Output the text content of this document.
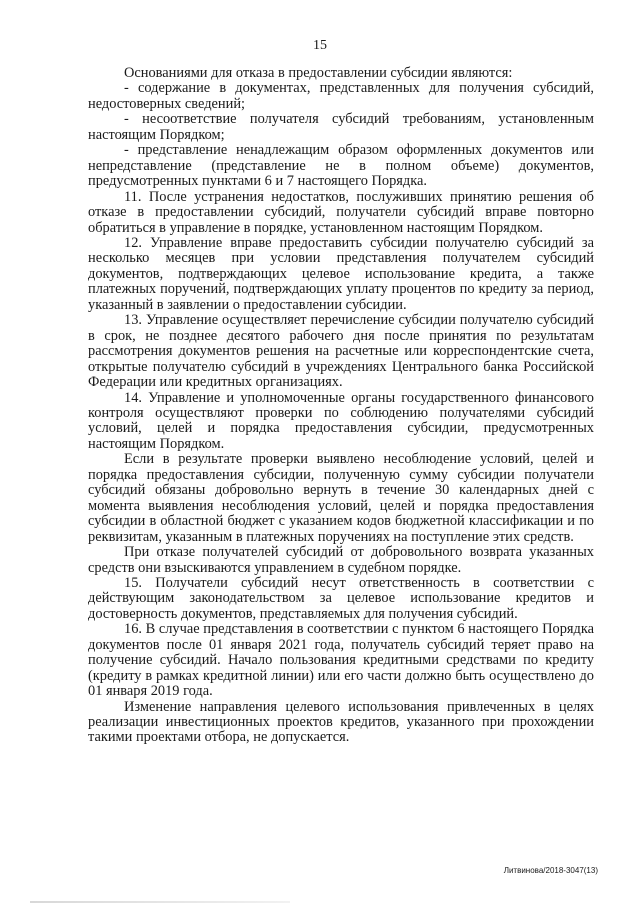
15

Основаниями для отказа в предоставлении субсидии являются:

- содержание в документах, представленных для получения субсидий, недостоверных сведений;

- несоответствие получателя субсидий требованиям, установленным настоящим Порядком;

- представление ненадлежащим образом оформленных документов или непредставление (представление не в полном объеме) документов, предусмотренных пунктами 6 и 7 настоящего Порядка.

11. После устранения недостатков, послуживших принятию решения об отказе в предоставлении субсидий, получатели субсидий вправе повторно обратиться в управление в порядке, установленном настоящим Порядком.

12. Управление вправе предоставить субсидии получателю субсидий за несколько месяцев при условии представления получателем субсидий документов, подтверждающих целевое использование кредита, а также платежных поручений, подтверждающих уплату процентов по кредиту за период, указанный в заявлении о предоставлении субсидии.

13. Управление осуществляет перечисление субсидии получателю субсидий в срок, не позднее десятого рабочего дня после принятия по результатам рассмотрения документов решения на расчетные или корреспондентские счета, открытые получателю субсидий в учреждениях Центрального банка Российской Федерации или кредитных организациях.

14. Управление и уполномоченные органы государственного финансового контроля осуществляют проверки по соблюдению получателями субсидий условий, целей и порядка предоставления субсидии, предусмотренных настоящим Порядком.

Если в результате проверки выявлено несоблюдение условий, целей и порядка предоставления субсидии, полученную сумму субсидии получатели субсидий обязаны добровольно вернуть в течение 30 календарных дней с момента выявления несоблюдения условий, целей и порядка предоставления субсидии в областной бюджет с указанием кодов бюджетной классификации и по реквизитам, указанным в платежных поручениях на поступление этих средств.

При отказе получателей субсидий от добровольного возврата указанных средств они взыскиваются управлением в судебном порядке.

15. Получатели субсидий несут ответственность в соответствии с действующим законодательством за целевое использование кредитов и достоверность документов, представляемых для получения субсидий.

16. В случае представления в соответствии с пунктом 6 настоящего Порядка документов после 01 января 2021 года, получатель субсидий теряет право на получение субсидий. Начало пользования кредитными средствами по кредиту (кредиту в рамках кредитной линии) или его части должно быть осуществлено до 01 января 2019 года.

Изменение направления целевого использования привлеченных в целях реализации инвестиционных проектов кредитов, указанного при прохождении такими проектами отбора, не допускается.

Литвинова/2018-3047(13)
